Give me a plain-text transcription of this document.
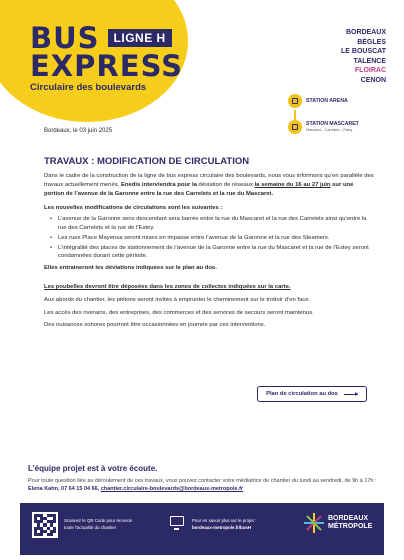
BUS	LIGNE H
EXPRESS
Circulaire des boulevards
BORDEAUX
BÈGLES
LE BOUSCAT
TALENCE
FLOIRAC
CENON
STATION ARENA
STATION MASCARET
Mascaret – Carrelets – Estey
Bordeaux, le 03 juin 2025
TRAVAUX : MODIFICATION DE CIRCULATION

Dans le cadre de la construction de la ligne de bus express circulaire des boulevards, nous vous informons qu’en parallèle des travaux actuellement menés, Enedis interviendra pour la déviation de réseaux la semaine du 16 au 27 juin sur une portion de l’avenue de la Garonne entre la rue des Carrelets et la rue du Mascaret.

Les nouvelles modifications de circulations sont les suivantes :

• L’avenue de la Garonne sens descendant sera barrée entre la rue du Mascaret et la rue des Carrelets ainsi qu’entre la rue des Carrelets et la rue de l’Estey.
• Les rues Place Mayensa seront mises en impasse entre l’avenue de la Garonne et la rue des Steamers.
• L’intégralité des places de stationnement de l’avenue de la Garonne entre la rue du Mascaret et la rue de l’Estey seront condamnées durant cette période.

Elles entraineront les déviations indiquées sur le plan au dos.

Les poubelles devront être déposées dans les zones de collectes indiquées sur la carte.

Aux abords du chantier, les piétons seront invités à emprunter le cheminement sur le trottoir d’en face.

Les accès des riverains, des entreprises, des commerces et des services de secours seront maintenus.

Des nuisances sonores pourront être occasionnées en journée par ces interventions.

Plan de circulation au dos
L’équipe projet est à votre écoute.
Pour toute question liée au déroulement de ces travaux, vous pouvez contacter votre médiatrice de chantier du lundi au vendredi, de 9h à 17h : Elena Kahn, 07 64 15 04 66, chantier.circulaire-boulevards@bordeaux-metropole.fr
Scannez le QR Code pour recevoir
toute l’actualité du chantier
Pour en savoir plus sur le projet :
bordeaux-metropole.fr/busH
BORDEAUX
MÉTROPOLE
